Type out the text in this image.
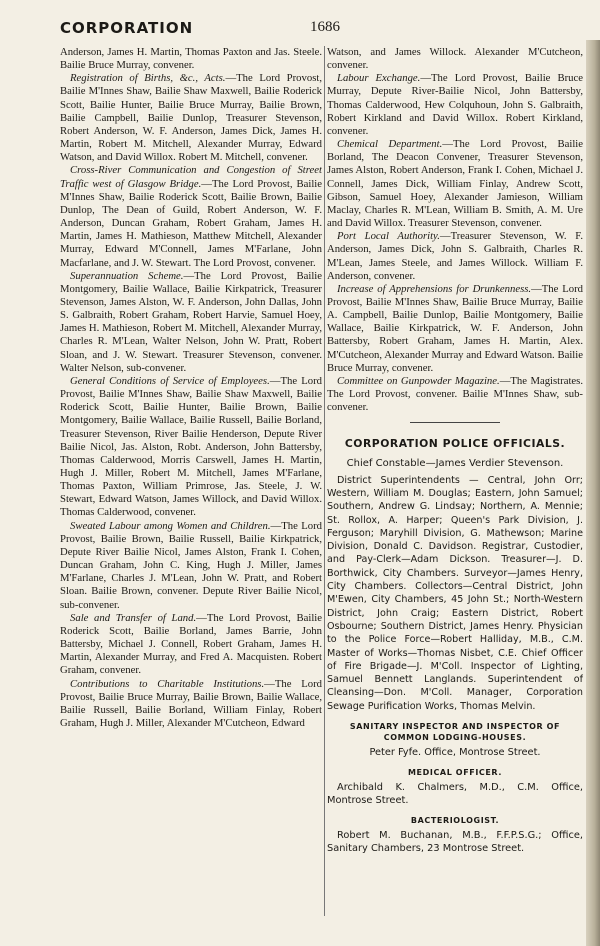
CORPORATION	1686

Anderson, James H. Martin, Thomas Paxton and Jas. Steele. Bailie Bruce Murray, convener.

Registration of Births, &c., Acts.—The Lord Provost, Bailie M'Innes Shaw, Bailie Shaw Maxwell, Bailie Roderick Scott, Bailie Hunter, Bailie Bruce Murray, Bailie Brown, Bailie Campbell, Bailie Dunlop, Treasurer Stevenson, Robert Anderson, W. F. Anderson, James Dick, James H. Martin, Robert M. Mitchell, Alexander Murray, Edward Watson, and David Willox. Robert M. Mitchell, convener.

Cross-River Communication and Congestion of Street Traffic west of Glasgow Bridge.—The Lord Provost, Bailie M'Innes Shaw, Bailie Roderick Scott, Bailie Brown, Bailie Dunlop, The Dean of Guild, Robert Anderson, W. F. Anderson, Duncan Graham, Robert Graham, James H. Martin, James H. Mathieson, Matthew Mitchell, Alexander Murray, Edward M'Connell, James M'Farlane, John Macfarlane, and J. W. Stewart. The Lord Provost, convener.

Superannuation Scheme.—The Lord Provost, Bailie Montgomery, Bailie Wallace, Bailie Kirkpatrick, Treasurer Stevenson, James Alston, W. F. Anderson, John Dallas, John S. Galbraith, Robert Graham, Robert Harvie, Samuel Hoey, James H. Mathieson, Robert M. Mitchell, Alexander Murray, Charles R. M'Lean, Walter Nelson, John W. Pratt, Robert Sloan, and J. W. Stewart. Treasurer Stevenson, convener. Walter Nelson, sub-convener.

General Conditions of Service of Employees.—The Lord Provost, Bailie M'Innes Shaw, Bailie Shaw Maxwell, Bailie Roderick Scott, Bailie Hunter, Bailie Brown, Bailie Montgomery, Bailie Wallace, Bailie Russell, Bailie Borland, Treasurer Stevenson, River Bailie Henderson, Depute River Bailie Nicol, Jas. Alston, Robt. Anderson, John Battersby, Thomas Calderwood, Morris Carswell, James H. Martin, Hugh J. Miller, Robert M. Mitchell, James M'Farlane, Thomas Paxton, William Primrose, Jas. Steele, J. W. Stewart, Edward Watson, James Willock, and David Willox. Thomas Calderwood, convener.

Sweated Labour among Women and Children.—The Lord Provost, Bailie Brown, Bailie Russell, Bailie Kirkpatrick, Depute River Bailie Nicol, James Alston, Frank I. Cohen, Duncan Graham, John C. King, Hugh J. Miller, James M'Farlane, Charles J. M'Lean, John W. Pratt, and Robert Sloan. Bailie Brown, convener. Depute River Bailie Nicol, sub-convener.

Sale and Transfer of Land.—The Lord Provost, Bailie Roderick Scott, Bailie Borland, James Barrie, John Battersby, Michael J. Connell, Robert Graham, James H. Martin, Alexander Murray, and Fred A. Macquisten. Robert Graham, convener.

Contributions to Charitable Institutions.—The Lord Provost, Bailie Bruce Murray, Bailie Brown, Bailie Wallace, Bailie Russell, Bailie Borland, William Finlay, Robert Graham, Hugh J. Miller, Alexander M'Cutcheon, Edward

Watson, and James Willock. Alexander M'Cutcheon, convener.

Labour Exchange.—The Lord Provost, Bailie Bruce Murray, Depute River-Bailie Nicol, John Battersby, Thomas Calderwood, Hew Colquhoun, John S. Galbraith, Robert Kirkland and David Willox. Robert Kirkland, convener.

Chemical Department.—The Lord Provost, Bailie Borland, The Deacon Convener, Treasurer Stevenson, James Alston, Robert Anderson, Frank I. Cohen, Michael J. Connell, James Dick, William Finlay, Andrew Scott, Gibson, Samuel Hoey, Alexander Jamieson, William Maclay, Charles R. M'Lean, William B. Smith, A. M. Ure and David Willox. Treasurer Stevenson, convener.

Port Local Authority.—Treasurer Stevenson, W. F. Anderson, James Dick, John S. Galbraith, Charles R. M'Lean, James Steele, and James Willock. William F. Anderson, convener.

Increase of Apprehensions for Drunkenness.—The Lord Provost, Bailie M'Innes Shaw, Bailie Bruce Murray, Bailie A. Campbell, Bailie Dunlop, Bailie Montgomery, Bailie Wallace, Bailie Kirkpatrick, W. F. Anderson, John Battersby, Robert Graham, James H. Martin, Alex. M'Cutcheon, Alexander Murray and Edward Watson. Bailie Bruce Murray, convener.

Committee on Gunpowder Magazine.—The Magistrates. The Lord Provost, convener. Bailie M'Innes Shaw, sub-convener.

CORPORATION POLICE OFFICIALS.
Chief Constable—James Verdier Stevenson.

District Superintendents — Central, John Orr; Western, William M. Douglas; Eastern, John Samuel; Southern, Andrew G. Lindsay; Northern, A. Mennie; St. Rollox, A. Harper; Queen's Park Division, J. Ferguson; Maryhill Division, G. Mathewson; Marine Division, Donald C. Davidson. Registrar, Custodier, and Pay-Clerk—Adam Dickson. Treasurer—J. D. Borthwick, City Chambers. Surveyor—James Henry, City Chambers. Collectors—Central District, John M'Ewen, City Chambers, 45 John St.; North-Western District, John Craig; Eastern District, Robert Osbourne; Southern District, James Henry. Physician to the Police Force—Robert Halliday, M.B., C.M. Master of Works—Thomas Nisbet, C.E. Chief Officer of Fire Brigade—J. M'Coll. Inspector of Lighting, Samuel Bennett Langlands. Superintendent of Cleansing—Don. M'Coll. Manager, Corporation Sewage Purification Works, Thomas Melvin.

SANITARY INSPECTOR AND INSPECTOR OF COMMON LODGING-HOUSES.
Peter Fyfe. Office, Montrose Street.
MEDICAL OFFICER.

Archibald K. Chalmers, M.D., C.M. Office, Montrose Street.

BACTERIOLOGIST.

Robert M. Buchanan, M.B., F.F.P.S.G.; Office, Sanitary Chambers, 23 Montrose Street.
